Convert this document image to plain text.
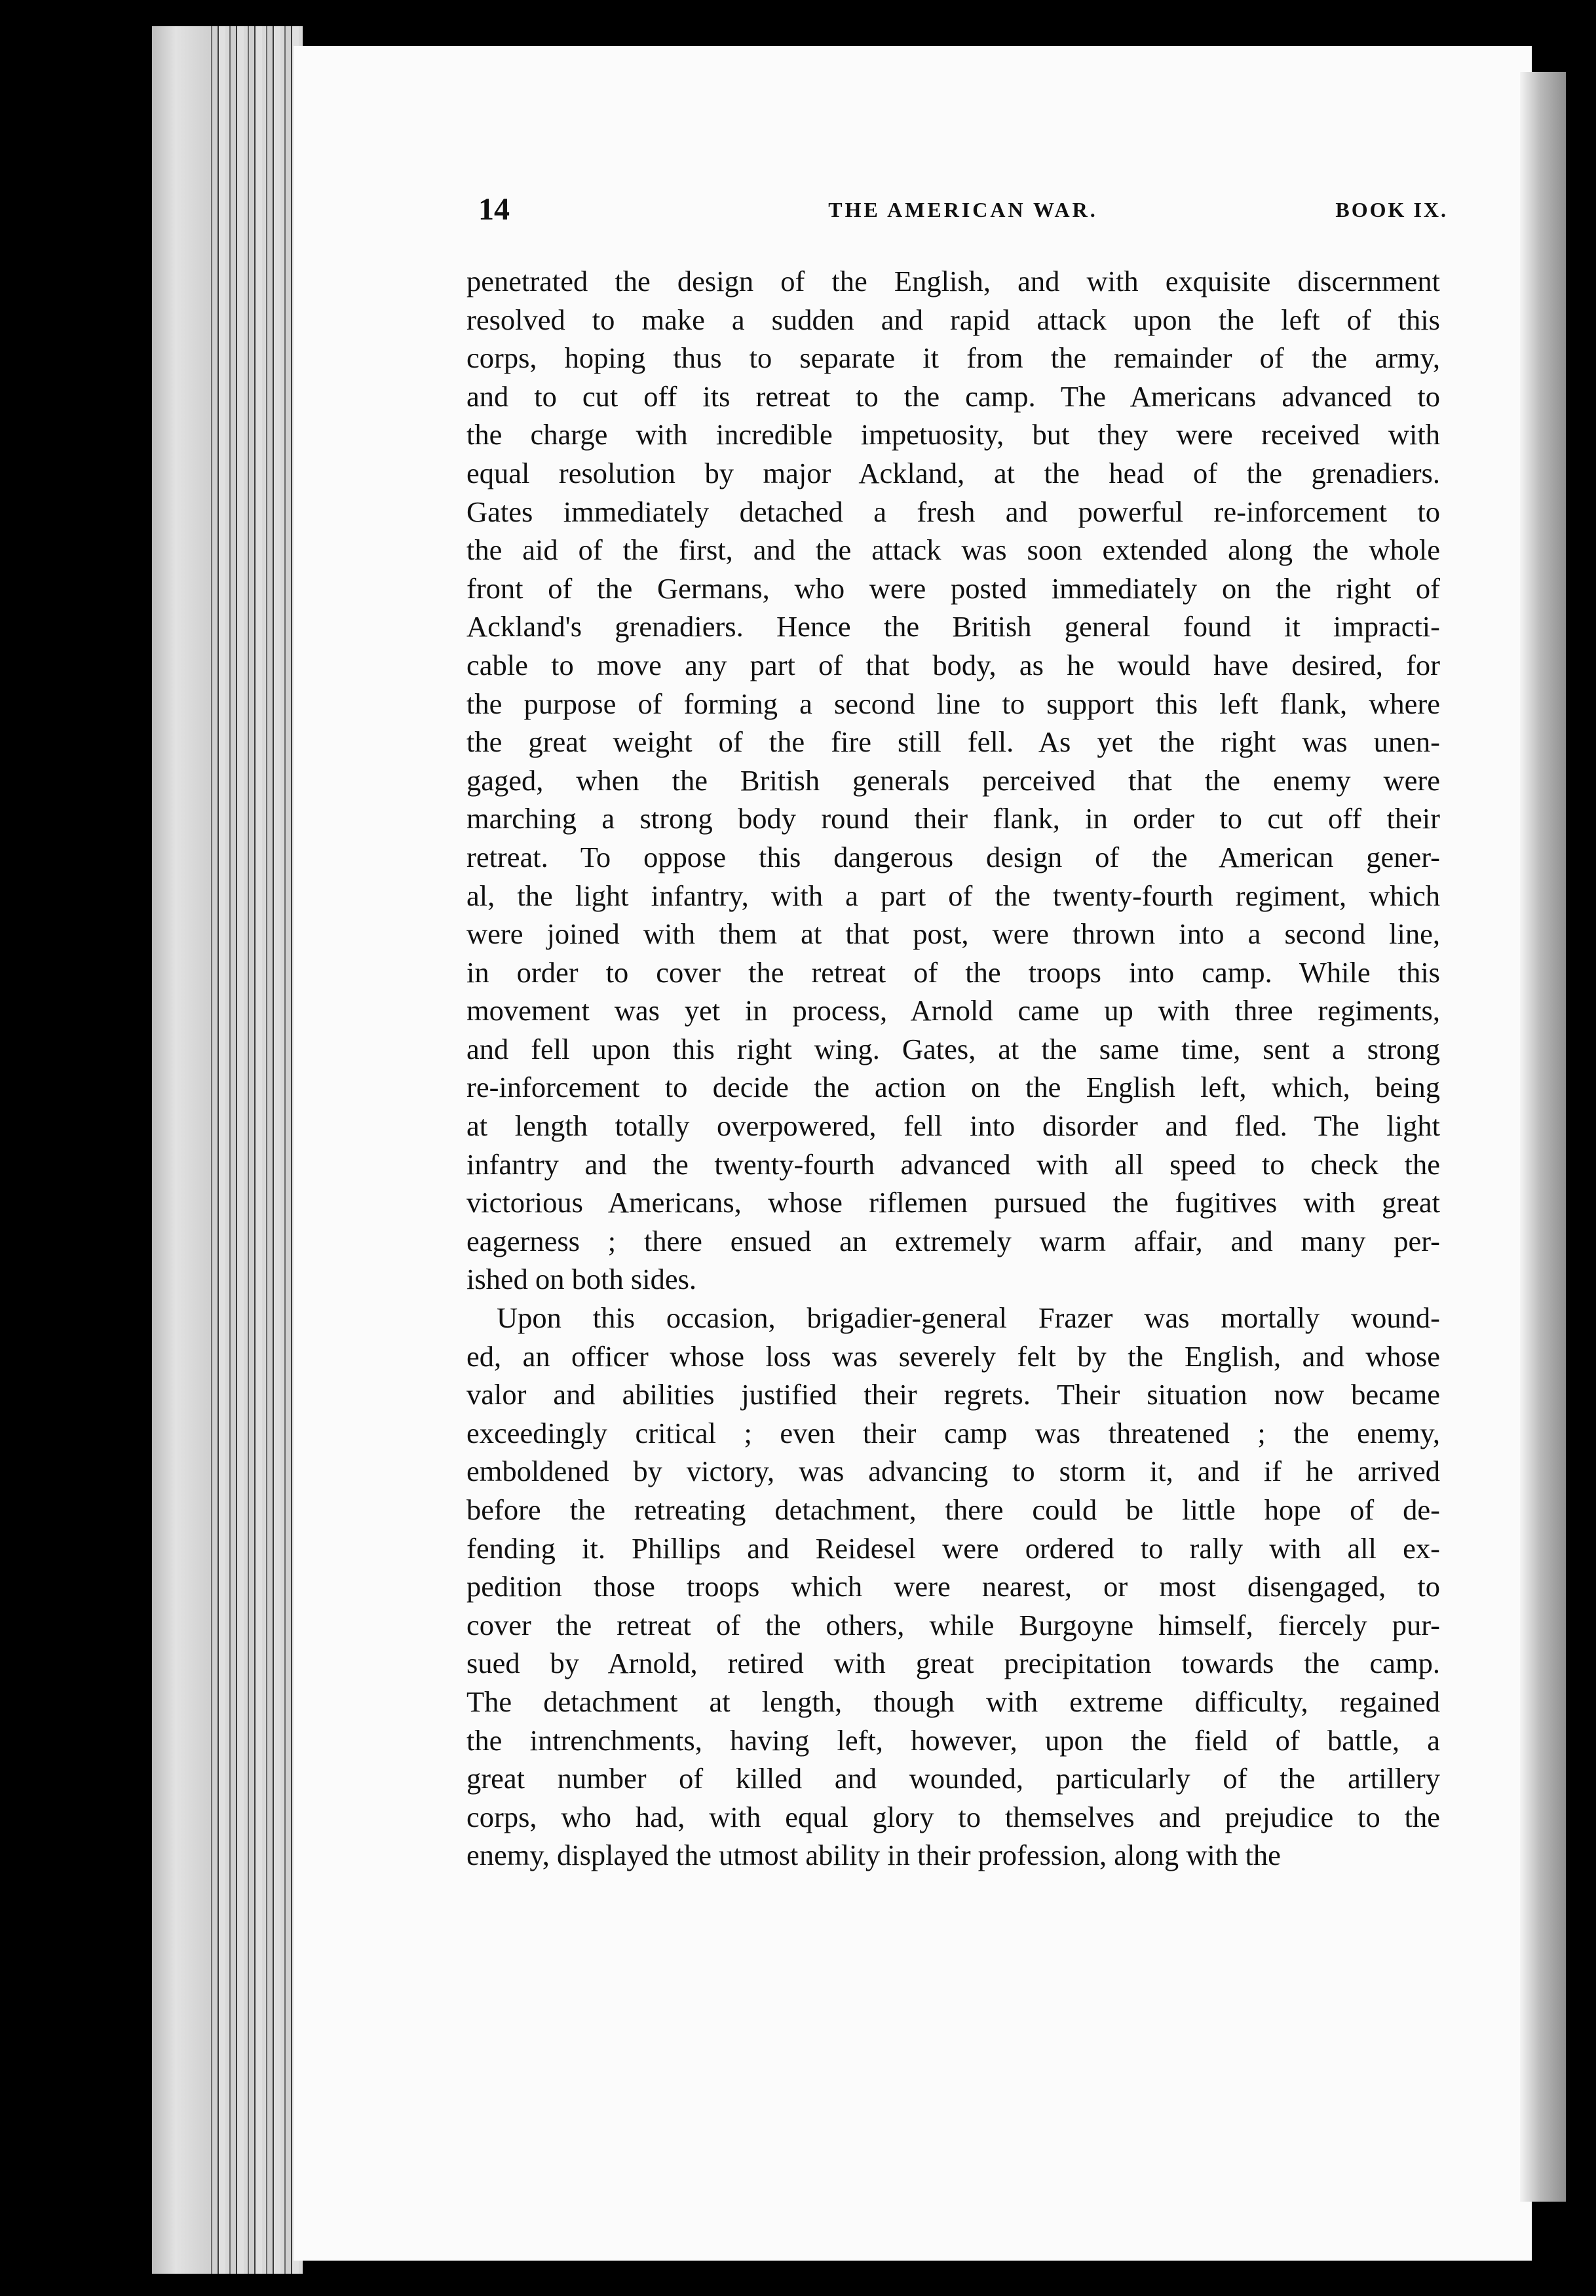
14	THE AMERICAN WAR.	BOOK IX.
penetrated the design of the English, and with exquisite discernment
resolved to make a sudden and rapid attack upon the left of this
corps, hoping thus to separate it from the remainder of the army,
and to cut off its retreat to the camp. The Americans advanced to
the charge with incredible impetuosity, but they were received with
equal resolution by major Ackland, at the head of the grenadiers.
Gates immediately detached a fresh and powerful re-inforcement to
the aid of the first, and the attack was soon extended along the whole
front of the Germans, who were posted immediately on the right of
Ackland's grenadiers. Hence the British general found it impracti-
cable to move any part of that body, as he would have desired, for
the purpose of forming a second line to support this left flank, where
the great weight of the fire still fell. As yet the right was unen-
gaged, when the British generals perceived that the enemy were
marching a strong body round their flank, in order to cut off their
retreat. To oppose this dangerous design of the American gener-
al, the light infantry, with a part of the twenty-fourth regiment, which
were joined with them at that post, were thrown into a second line,
in order to cover the retreat of the troops into camp. While this
movement was yet in process, Arnold came up with three regiments,
and fell upon this right wing. Gates, at the same time, sent a strong
re-inforcement to decide the action on the English left, which, being
at length totally overpowered, fell into disorder and fled. The light
infantry and the twenty-fourth advanced with all speed to check the
victorious Americans, whose riflemen pursued the fugitives with great
eagerness ; there ensued an extremely warm affair, and many per-
ished on both sides.
Upon this occasion, brigadier-general Frazer was mortally wound-
ed, an officer whose loss was severely felt by the English, and whose
valor and abilities justified their regrets. Their situation now became
exceedingly critical ; even their camp was threatened ; the enemy,
emboldened by victory, was advancing to storm it, and if he arrived
before the retreating detachment, there could be little hope of de-
fending it. Phillips and Reidesel were ordered to rally with all ex-
pedition those troops which were nearest, or most disengaged, to
cover the retreat of the others, while Burgoyne himself, fiercely pur-
sued by Arnold, retired with great precipitation towards the camp.
The detachment at length, though with extreme difficulty, regained
the intrenchments, having left, however, upon the field of battle, a
great number of killed and wounded, particularly of the artillery
corps, who had, with equal glory to themselves and prejudice to the
enemy, displayed the utmost ability in their profession, along with the
